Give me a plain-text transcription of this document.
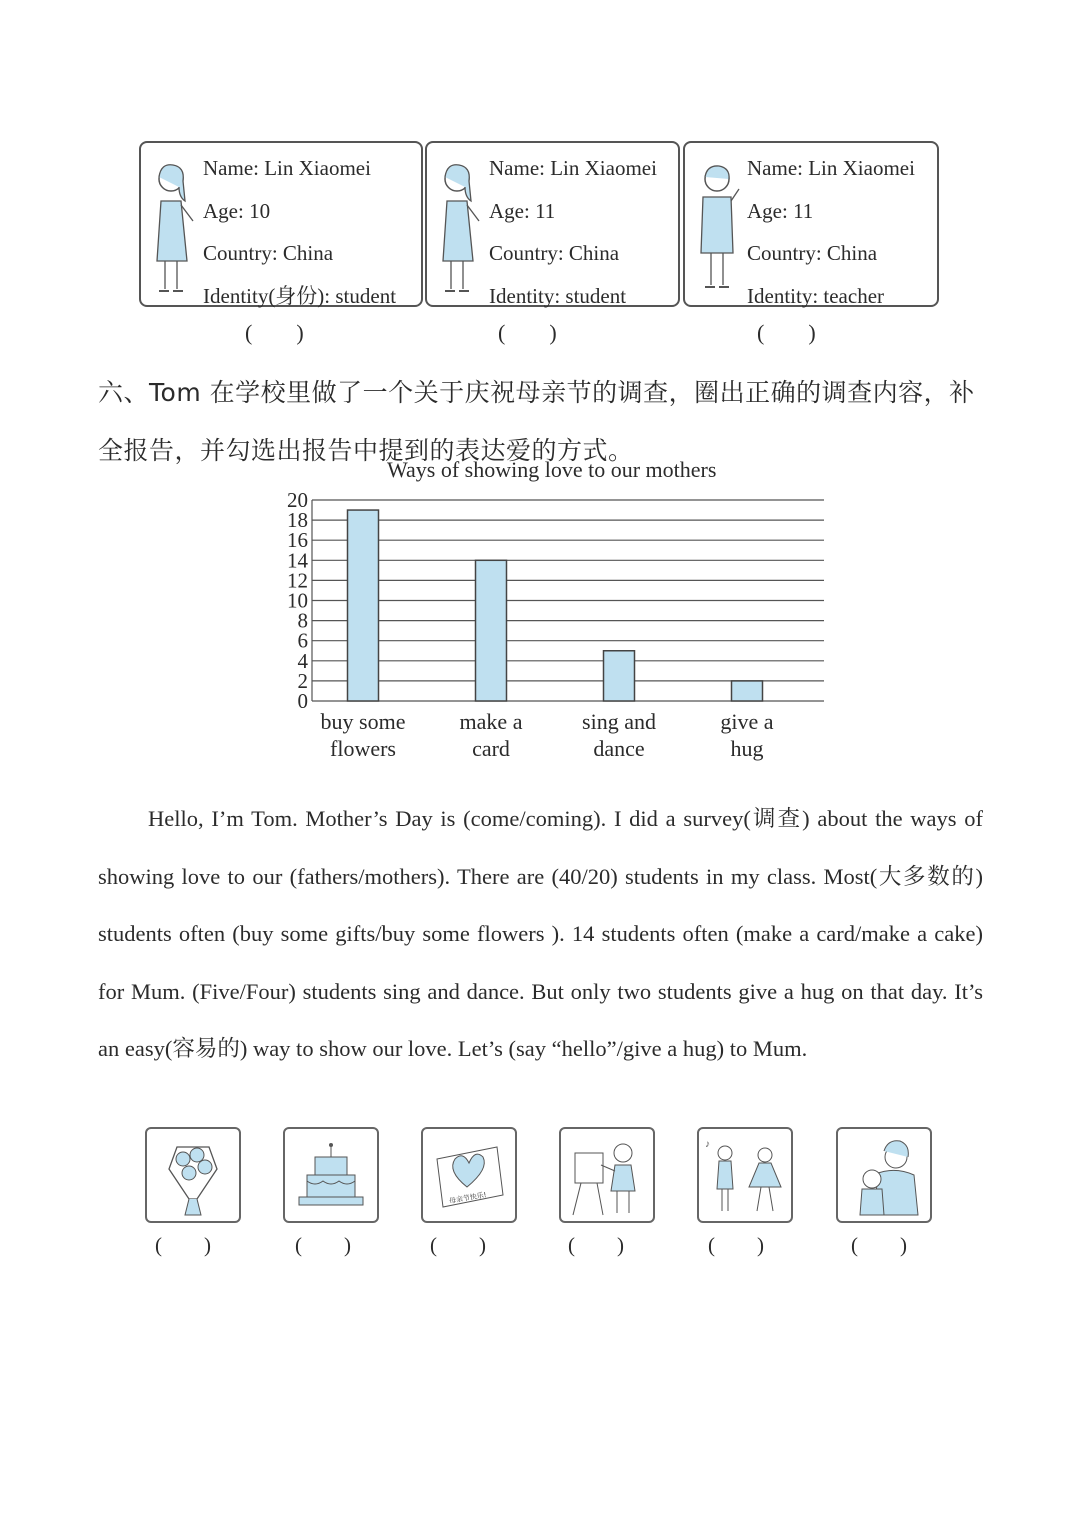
Name: Lin Xiaomei
Age: 10
Country: China
Identity(身份): student
Name: Lin Xiaomei
Age: 11
Country: China
Identity: student
Name: Lin Xiaomei
Age: 11
Country: China
Identity: teacher
(        )	(        )	(        )
六、Tom 在学校里做了一个关于庆祝母亲节的调查，圈出正确的调查内容，补全报告，并勾选出报告中提到的表达爱的方式。
Ways of showing love to our mothers
0
2
4
6
8
10
12
14
16
18
20
buy some
flowers
make a
card
sing and
dance
give a
hug
Hello, I’m Tom. Mother’s Day is (come/coming). I did a survey(调查) about the ways of showing love to our (fathers/mothers). There are (40/20) students in my class. Most(大多数的) students often (buy some gifts/buy some flowers ). 14 students often (make a card/make a cake) for Mum. (Five/Four) students sing and dance. But only two students give a hug on that day. It’s an easy(容易的) way to show our love. Let’s (say “hello”/give a hug) to Mum.
母亲节快乐!
♪
(        )	(        )	(        )	(        )	(        )	(        )
